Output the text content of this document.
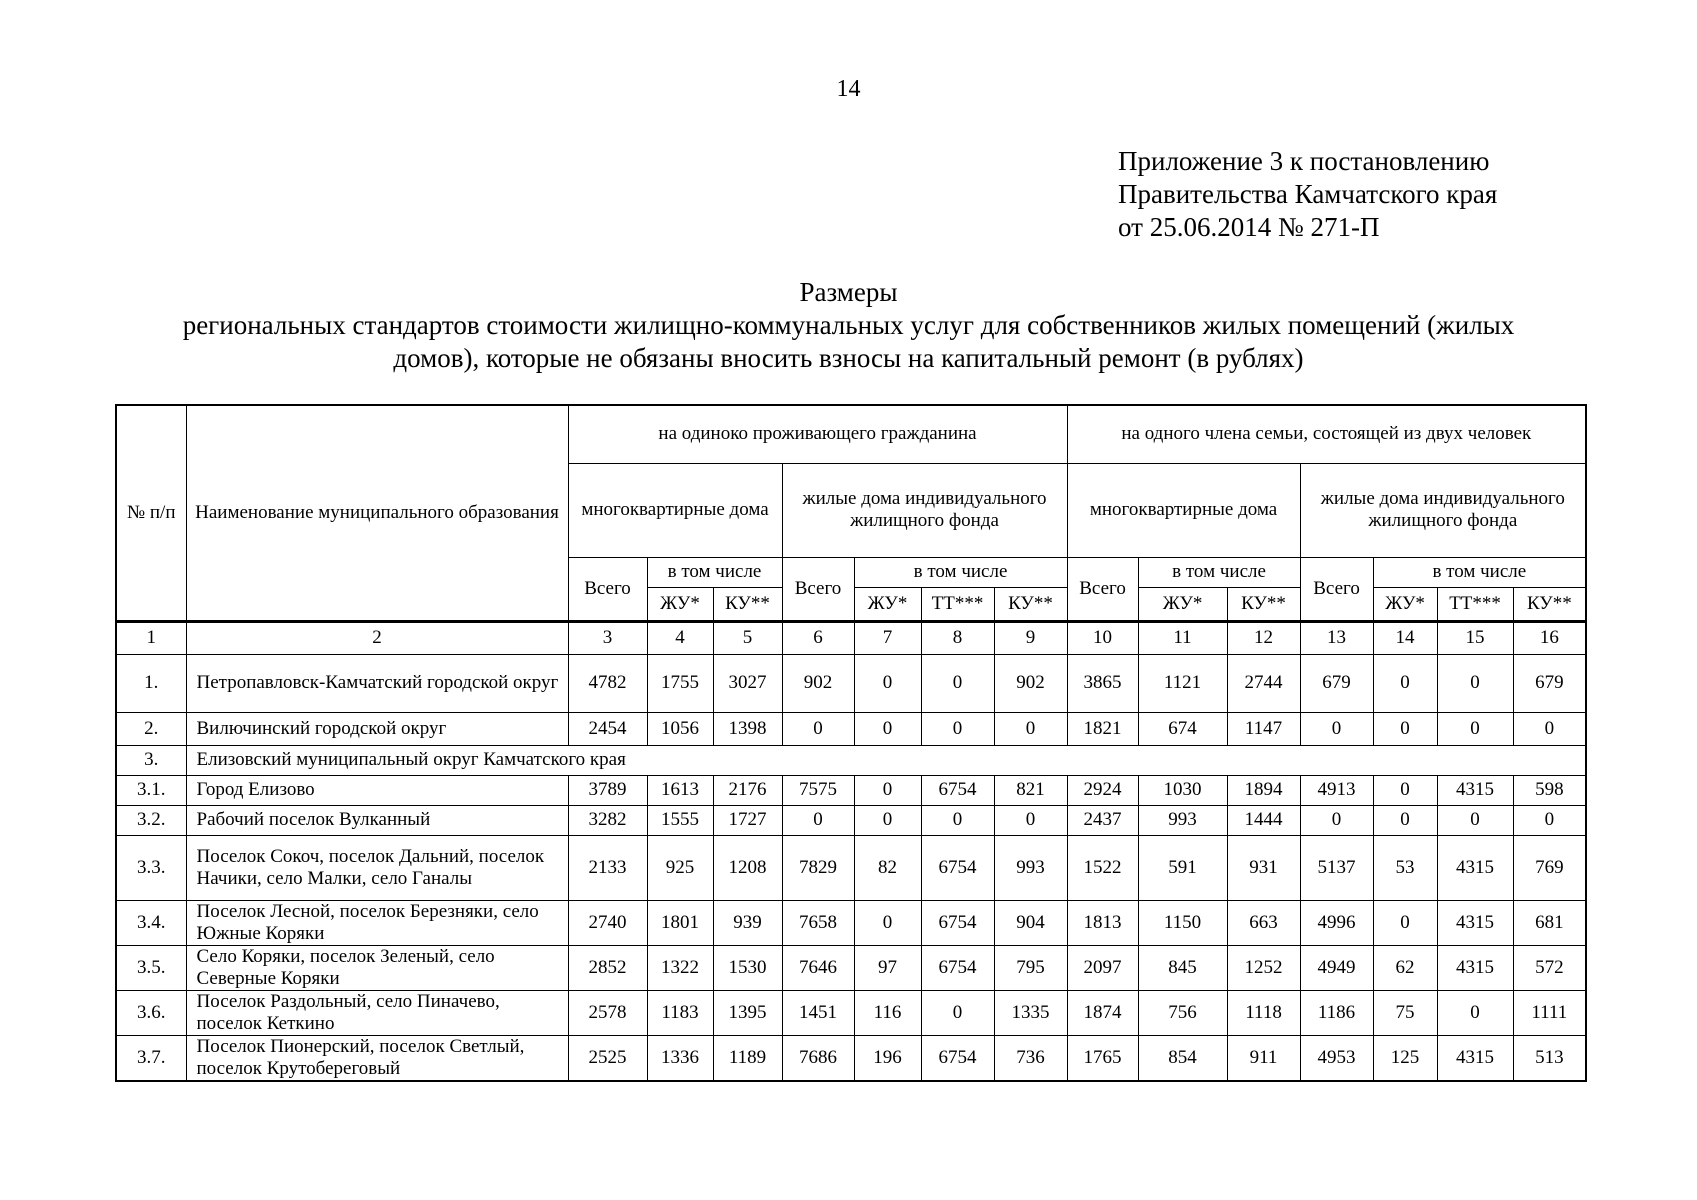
14
Приложение 3 к постановлению
Правительства Камчатского края
от 25.06.2014 № 271-П
Размеры
региональных стандартов стоимости жилищно-коммунальных услуг для собственников жилых помещений (жилых
домов), которые не обязаны вносить взносы на капитальный ремонт (в рублях)
№ п/п	Наименование муниципального образования	на одиноко проживающего гражданина							на одного члена семьи, состоящей из двух человек						
		многоквартирные дома			жилые дома индивидуального жилищного фонда				многоквартирные дома			жилые дома индивидуального жилищного фонда			
		Всего	в том числе		Всего	в том числе			Всего	в том числе		Всего	в том числе		
			ЖУ*	КУ**		ЖУ*	ТТ***	КУ**		ЖУ*	КУ**		ЖУ*	ТТ***	КУ**
1	2	3	4	5	6	7	8	9	10	11	12	13	14	15	16
1.	Петропавловск-Камчатский городской округ	4782	1755	3027	902	0	0	902	3865	1121	2744	679	0	0	679
2.	Вилючинский городской округ	2454	1056	1398	0	0	0	0	1821	674	1147	0	0	0	0
3.	Елизовский муниципальный округ Камчатского края														
3.1.	Город Елизово	3789	1613	2176	7575	0	6754	821	2924	1030	1894	4913	0	4315	598
3.2.	Рабочий поселок Вулканный	3282	1555	1727	0	0	0	0	2437	993	1444	0	0	0	0
3.3.	Поселок Сокоч, поселок Дальний, поселок Начики, село Малки, село Ганалы	2133	925	1208	7829	82	6754	993	1522	591	931	5137	53	4315	769
3.4.	Поселок Лесной, поселок Березняки, село Южные Коряки	2740	1801	939	7658	0	6754	904	1813	1150	663	4996	0	4315	681
3.5.	Село Коряки, поселок Зеленый, село Северные Коряки	2852	1322	1530	7646	97	6754	795	2097	845	1252	4949	62	4315	572
3.6.	Поселок Раздольный, село Пиначево, поселок Кеткино	2578	1183	1395	1451	116	0	1335	1874	756	1118	1186	75	0	1111
3.7.	Поселок Пионерский, поселок Светлый, поселок Крутобереговый	2525	1336	1189	7686	196	6754	736	1765	854	911	4953	125	4315	513
